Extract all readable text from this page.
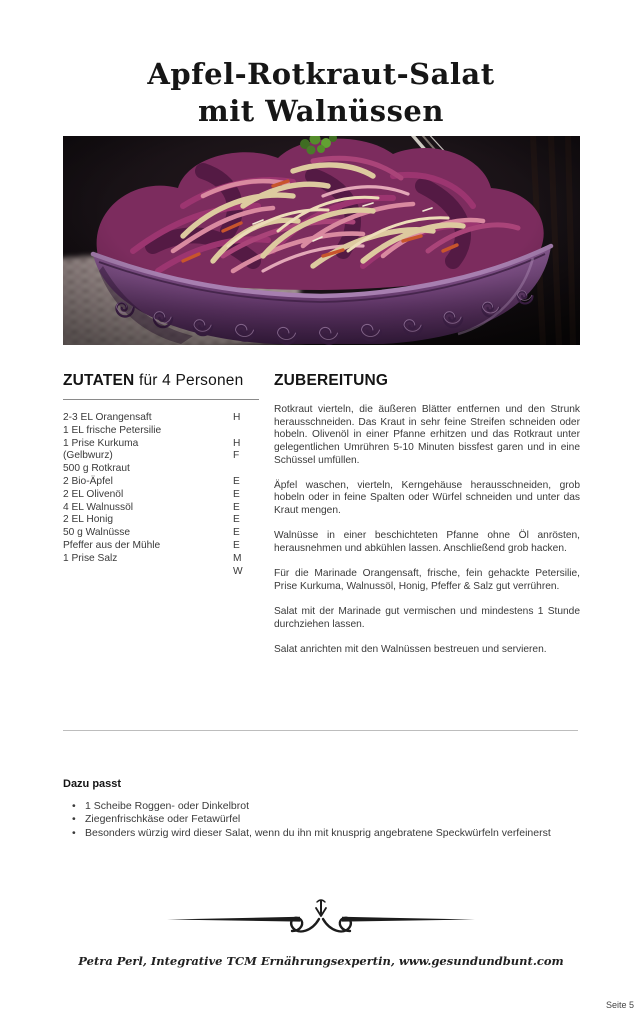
Apfel-Rotkraut-Salat
mit Walnüssen
ZUTATEN für 4 Personen
2-3 EL Orangensaft	H
1 EL frische Petersilie
1 Prise Kurkuma	H
(Gelbwurz)	F
500 g Rotkraut
2 Bio-Äpfel	E
2 EL Olivenöl	E
4 EL Walnussöl	E
2 EL Honig	E
50 g Walnüsse	E
Pfeffer aus der Mühle	E
1 Prise Salz	M
W
ZUBEREITUNG

Rotkraut vierteln, die äußeren Blätter entfernen und den Strunk herausschneiden. Das Kraut in sehr feine Streifen schneiden oder hobeln. Olivenöl in einer Pfanne erhitzen und das Rotkraut unter gelegentlichen Umrühren 5-10 Minuten bissfest garen und in eine Schüssel umfüllen.

Äpfel waschen, vierteln, Kerngehäuse herausschneiden, grob hobeln oder in feine Spalten oder Würfel schneiden und unter das Kraut mengen.

Walnüsse in einer beschichteten Pfanne ohne Öl anrösten, herausnehmen und abkühlen lassen. Anschließend grob hacken.

Für die Marinade Orangensaft, frische, fein gehackte Petersilie, Prise Kurkuma, Walnussöl, Honig, Pfeffer & Salz gut verrühren.

Salat mit der Marinade gut vermischen und mindestens 1 Stunde durchziehen lassen.

Salat anrichten mit den Walnüssen bestreuen und servieren.

Dazu passt
• 1 Scheibe Roggen- oder Dinkelbrot
• Ziegenfrischkäse oder Fetawürfel
• Besonders würzig wird dieser Salat, wenn du ihn mit knusprig angebratene Speckwürfeln verfeinerst
Petra Perl, Integrative TCM Ernährungsexpertin, www.gesundundbunt.com
Seite 5
